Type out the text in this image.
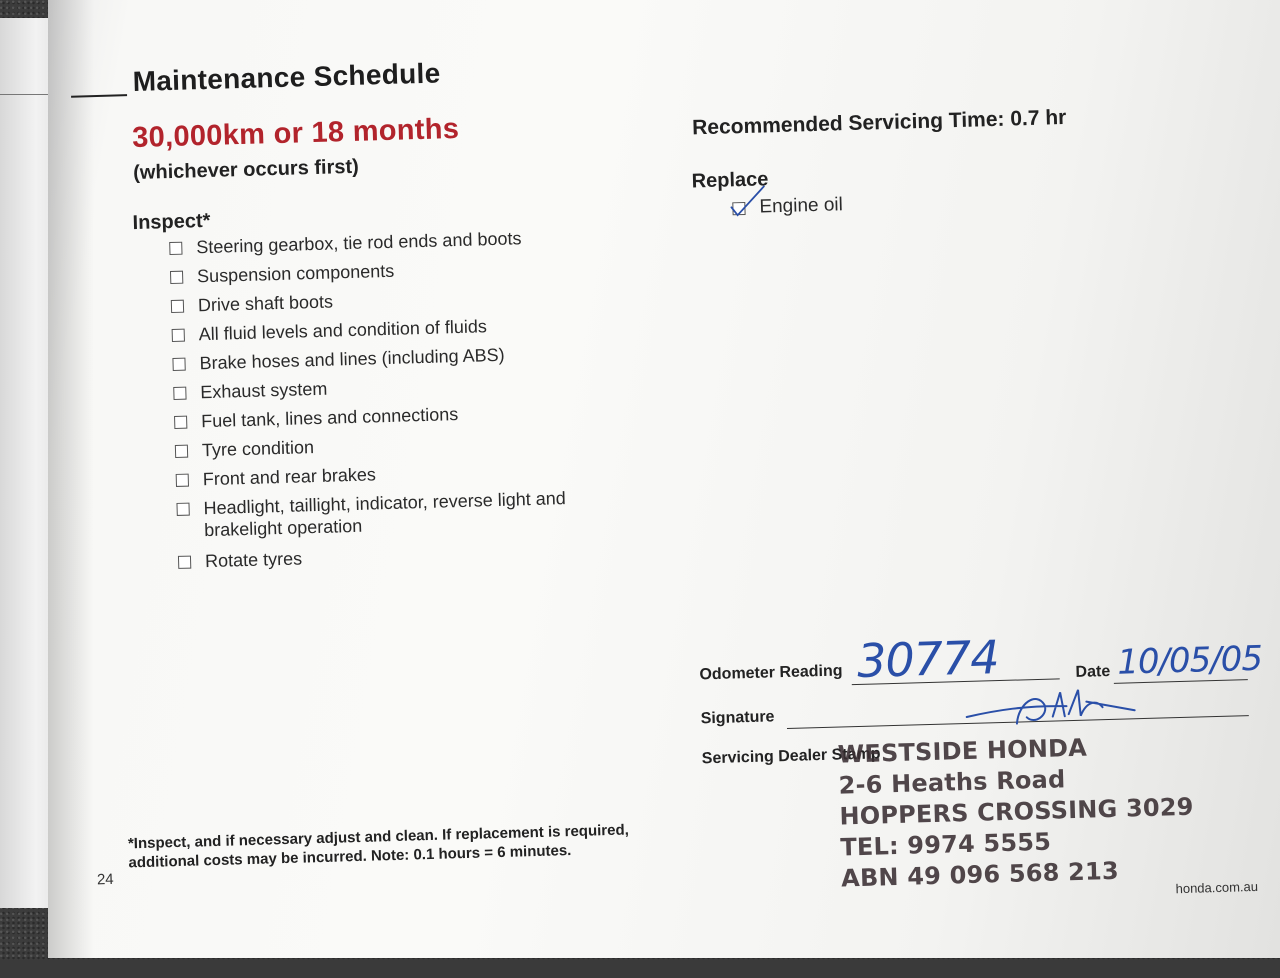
Maintenance Schedule
30,000km or 18 months
(whichever occurs first)
Inspect*
Steering gearbox, tie rod ends and boots
Suspension components
Drive shaft boots
All fluid levels and condition of fluids
Brake hoses and lines (including ABS)
Exhaust system
Fuel tank, lines and connections
Tyre condition
Front and rear brakes
Headlight, taillight, indicator, reverse light and brakelight operation
Rotate tyres
Recommended Servicing Time: 0.7 hr
Replace
Engine oil
Odometer Reading 30774	Date 10/05/05
Signature
Servicing Dealer Stamp
WESTSIDE HONDA
2-6 Heaths Road
HOPPERS CROSSING 3029
TEL: 9974 5555
ABN 49 096 568 213
*Inspect, and if necessary adjust and clean. If replacement is required, additional costs may be incurred. Note: 0.1 hours = 6 minutes.
24	honda.com.au
